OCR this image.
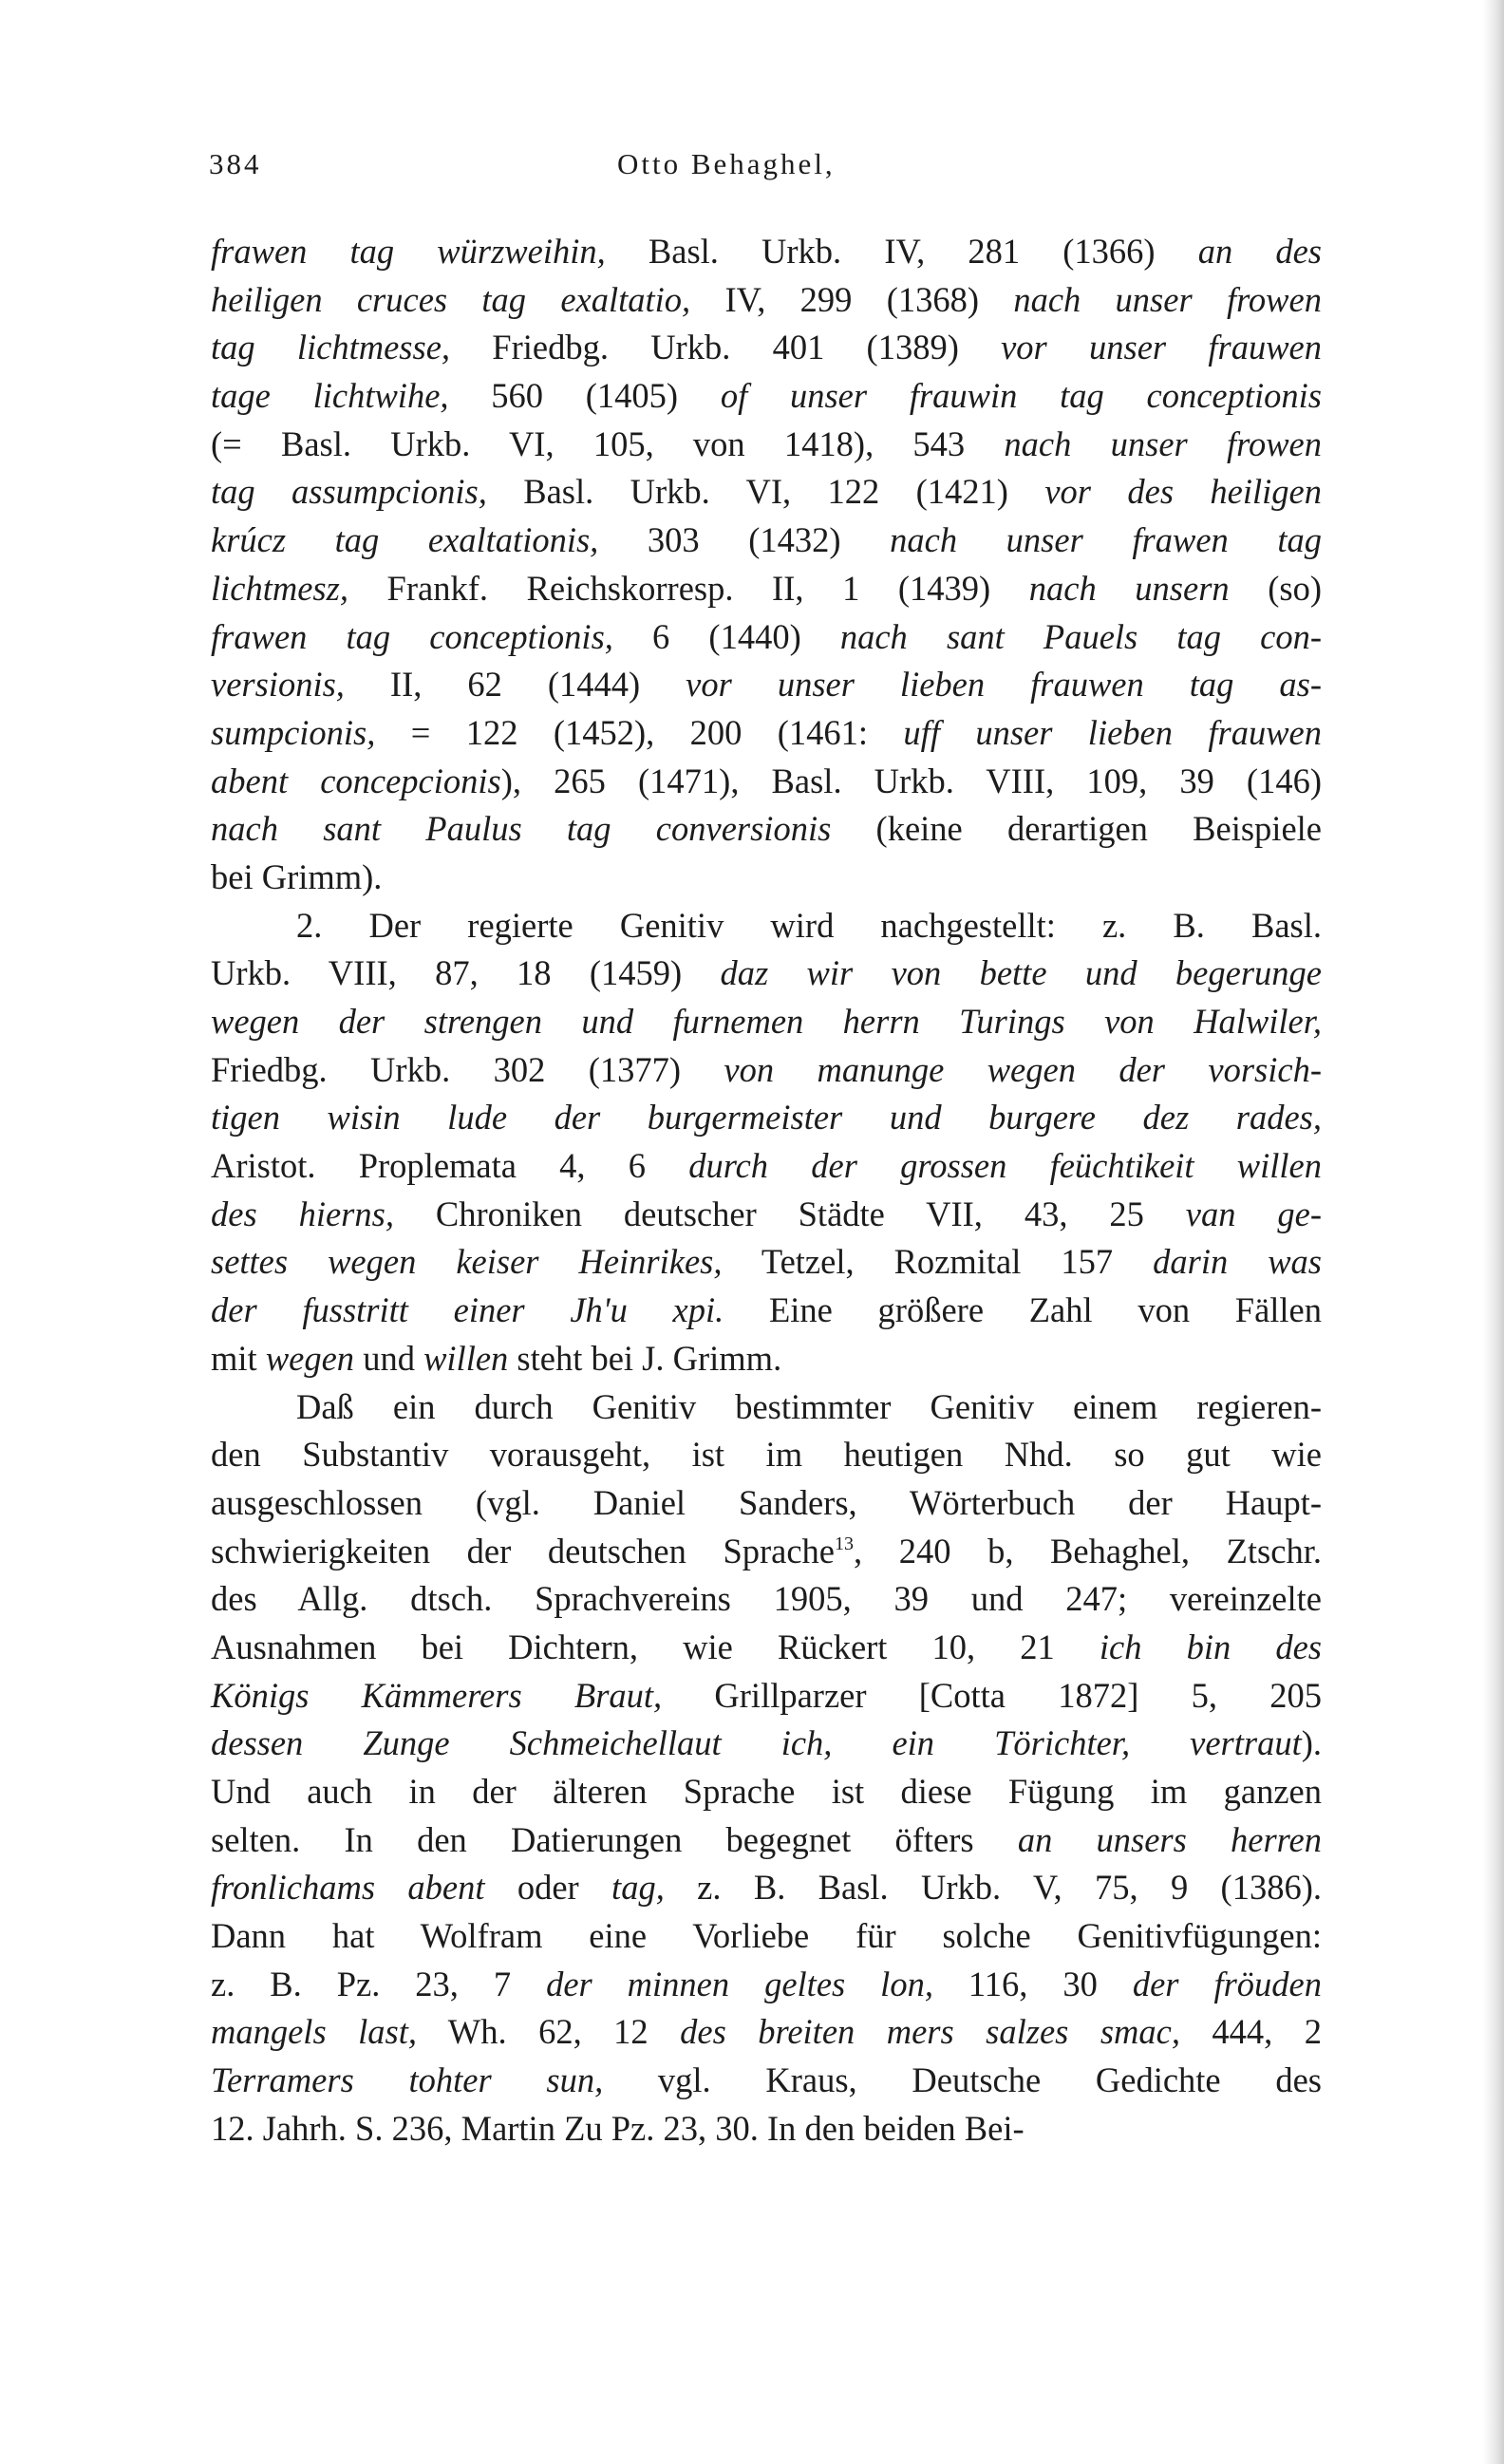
384	Otto Behaghel,
frawen tag würzweihin, Basl. Urkb. IV, 281 (1366) an des
heiligen cruces tag exaltatio, IV, 299 (1368) nach unser frowen
tag lichtmesse, Friedbg. Urkb. 401 (1389) vor unser frauwen
tage lichtwihe, 560 (1405) of unser frauwin tag conceptionis
(= Basl. Urkb. VI, 105, von 1418), 543 nach unser frowen
tag assumpcionis, Basl. Urkb. VI, 122 (1421) vor des heiligen
krúcz tag exaltationis, 303 (1432) nach unser frawen tag
lichtmesz, Frankf. Reichskorresp. II, 1 (1439) nach unsern (so)
frawen tag conceptionis, 6 (1440) nach sant Pauels tag con-
versionis, II, 62 (1444) vor unser lieben frauwen tag as-
sumpcionis, = 122 (1452), 200 (1461: uff unser lieben frauwen
abent concepcionis), 265 (1471), Basl. Urkb. VIII, 109, 39 (146)
nach sant Paulus tag conversionis (keine derartigen Beispiele
bei Grimm).
2. Der regierte Genitiv wird nachgestellt: z. B. Basl.
Urkb. VIII, 87, 18 (1459) daz wir von bette und begerunge
wegen der strengen und furnemen herrn Turings von Halwiler,
Friedbg. Urkb. 302 (1377) von manunge wegen der vorsich-
tigen wisin lude der burgermeister und burgere dez rades,
Aristot. Proplemata 4, 6 durch der grossen feüchtikeit willen
des hierns, Chroniken deutscher Städte VII, 43, 25 van ge-
settes wegen keiser Heinrikes, Tetzel, Rozmital 157 darin was
der fusstritt einer Jh'u xpi. Eine größere Zahl von Fällen
mit wegen und willen steht bei J. Grimm.
Daß ein durch Genitiv bestimmter Genitiv einem regieren-
den Substantiv vorausgeht, ist im heutigen Nhd. so gut wie
ausgeschlossen (vgl. Daniel Sanders, Wörterbuch der Haupt-
schwierigkeiten der deutschen Sprache$^{13}$, 240 b, Behaghel, Ztschr.
des Allg. dtsch. Sprachvereins 1905, 39 und 247; vereinzelte
Ausnahmen bei Dichtern, wie Rückert 10, 21 ich bin des
Königs Kämmerers Braut, Grillparzer [Cotta 1872] 5, 205
dessen Zunge Schmeichellaut ich, ein Törichter, vertraut).
Und auch in der älteren Sprache ist diese Fügung im ganzen
selten. In den Datierungen begegnet öfters an unsers herren
fronlichams abent oder tag, z. B. Basl. Urkb. V, 75, 9 (1386).
Dann hat Wolfram eine Vorliebe für solche Genitivfügungen:
z. B. Pz. 23, 7 der minnen geltes lon, 116, 30 der fröuden
mangels last, Wh. 62, 12 des breiten mers salzes smac, 444, 2
Terramers tohter sun, vgl. Kraus, Deutsche Gedichte des
12. Jahrh. S. 236, Martin Zu Pz. 23, 30. In den beiden Bei-
